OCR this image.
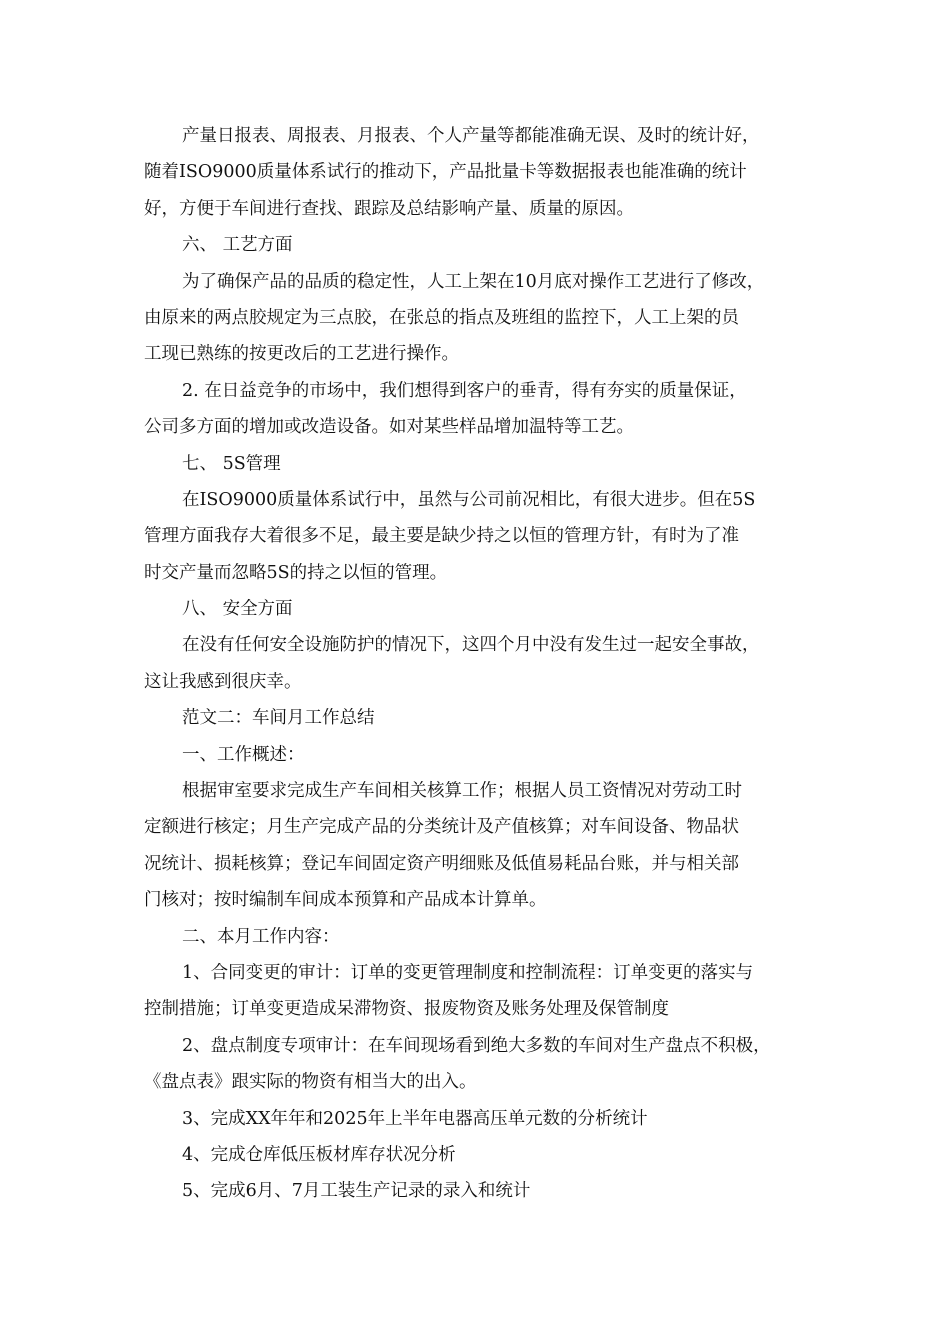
产量日报表、周报表、月报表、个人产量等都能准确无误、及时的统计好，
随着ISO9000质量体系试行的推动下，产品批量卡等数据报表也能准确的统计
好，方便于车间进行查找、跟踪及总结影响产量、质量的原因。
六、 工艺方面
为了确保产品的品质的稳定性，人工上架在10月底对操作工艺进行了修改，
由原来的两点胶规定为三点胶，在张总的指点及班组的监控下，人工上架的员
工现已熟练的按更改后的工艺进行操作。
2. 在日益竞争的市场中，我们想得到客户的垂青，得有夯实的质量保证，
公司多方面的增加或改造设备。如对某些样品增加温特等工艺。
七、 5S管理
在ISO9000质量体系试行中，虽然与公司前况相比，有很大进步。但在5S
管理方面我存大着很多不足，最主要是缺少持之以恒的管理方针，有时为了准
时交产量而忽略5S的持之以恒的管理。
八、 安全方面
在没有任何安全设施防护的情况下，这四个月中没有发生过一起安全事故，
这让我感到很庆幸。
范文二：车间月工作总结
一、工作概述：
根据审室要求完成生产车间相关核算工作；根据人员工资情况对劳动工时
定额进行核定；月生产完成产品的分类统计及产值核算；对车间设备、物品状
况统计、损耗核算；登记车间固定资产明细账及低值易耗品台账，并与相关部
门核对；按时编制车间成本预算和产品成本计算单。
二、本月工作内容：
1、合同变更的审计：订单的变更管理制度和控制流程：订单变更的落实与
控制措施；订单变更造成呆滞物资、报废物资及账务处理及保管制度
2、盘点制度专项审计：在车间现场看到绝大多数的车间对生产盘点不积极，
《盘点表》跟实际的物资有相当大的出入。
3、完成XX年年和2025年上半年电器高压单元数的分析统计
4、完成仓库低压板材库存状况分析
5、完成6月、7月工装生产记录的录入和统计
